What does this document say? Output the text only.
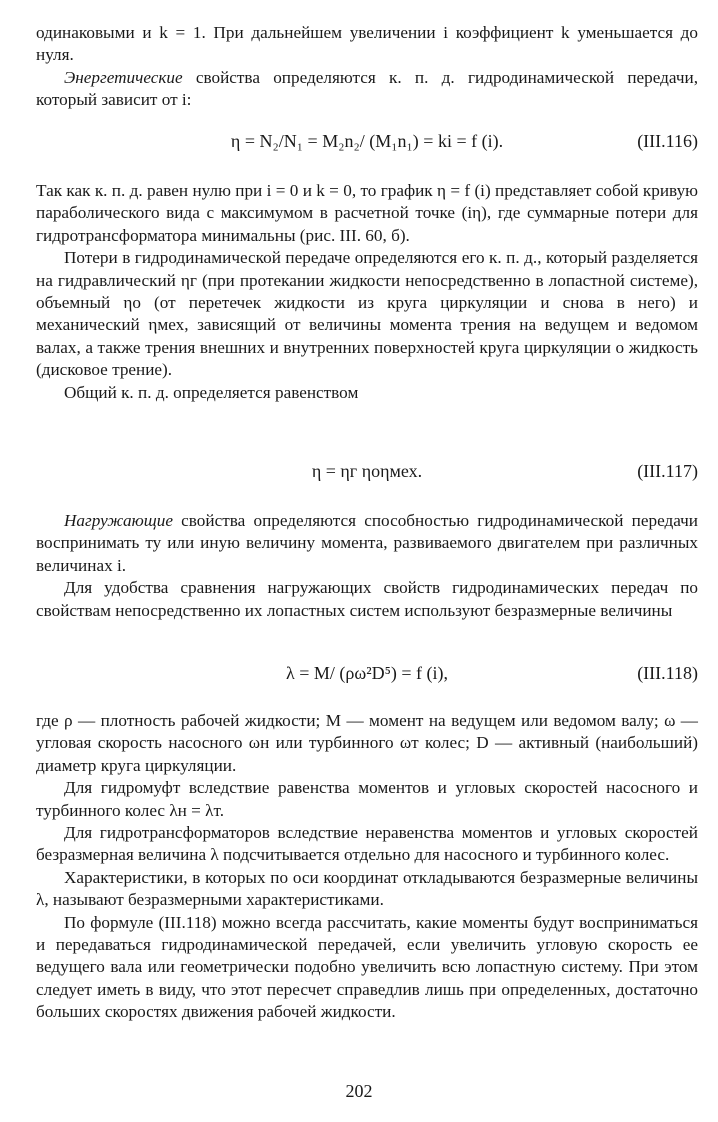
одинаковыми и k = 1. При дальнейшем увеличении i коэффициент k уменьшается до нуля.

Энергетические свойства определяются к. п. д. гидродинамической передачи, который зависит от i:

η = N₂/N₁ = M₂n₂/ (M₁n₁) = ki = f (i).	(III.116)

Так как к. п. д. равен нулю при i = 0 и k = 0, то график η = f (i) представляет собой кривую параболического вида с максимумом в расчетной точке (iη), где суммарные потери для гидротрансформатора минимальны (рис. III. 60, б).

Потери в гидродинамической передаче определяются его к. п. д., который разделяется на гидравлический ηг (при протекании жидкости непосредственно в лопастной системе), объемный ηо (от перетечек жидкости из круга циркуляции и снова в него) и механический ηмех, зависящий от величины момента трения на ведущем и ведомом валах, а также трения внешних и внутренних поверхностей круга циркуляции о жидкость (дисковое трение).

Общий к. п. д. определяется равенством

η = ηг ηоηмех.	(III.117)

Нагружающие свойства определяются способностью гидродинамической передачи воспринимать ту или иную величину момента, развиваемого двигателем при различных величинах i.

Для удобства сравнения нагружающих свойств гидродинамических передач по свойствам непосредственно их лопастных систем используют безразмерные величины

λ = M/ (ρω²D⁵) = f (i),	(III.118)

где ρ — плотность рабочей жидкости; M — момент на ведущем или ведомом валу; ω — угловая скорость насосного ωн или турбинного ωт колес; D — активный (наибольший) диаметр круга циркуляции.

Для гидромуфт вследствие равенства моментов и угловых скоростей насосного и турбинного колес λн = λт.

Для гидротрансформаторов вследствие неравенства моментов и угловых скоростей безразмерная величина λ подсчитывается отдельно для насосного и турбинного колес.

Характеристики, в которых по оси координат откладываются безразмерные величины λ, называют безразмерными характеристиками.

По формуле (III.118) можно всегда рассчитать, какие моменты будут восприниматься и передаваться гидродинамической передачей, если увеличить угловую скорость ее ведущего вала или геометрически подобно увеличить всю лопастную систему. При этом следует иметь в виду, что этот пересчет справедлив лишь при определенных, достаточно больших скоростях движения рабочей жидкости.

202
